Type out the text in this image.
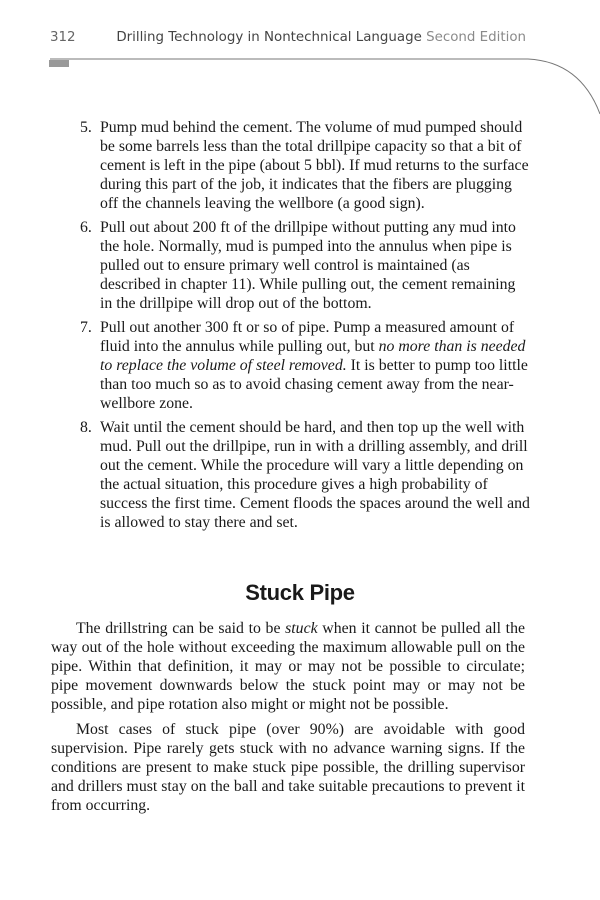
312	Drilling Technology in Nontechnical Language Second Edition
5. Pump mud behind the cement. The volume of mud pumped should be some barrels less than the total drillpipe capacity so that a bit of cement is left in the pipe (about 5 bbl). If mud returns to the surface during this part of the job, it indicates that the fibers are plugging off the channels leaving the wellbore (a good sign).
6. Pull out about 200 ft of the drillpipe without putting any mud into the hole. Normally, mud is pumped into the annulus when pipe is pulled out to ensure primary well control is maintained (as described in chapter 11). While pulling out, the cement remaining in the drillpipe will drop out of the bottom.
7. Pull out another 300 ft or so of pipe. Pump a measured amount of fluid into the annulus while pulling out, but no more than is needed to replace the volume of steel removed. It is better to pump too little than too much so as to avoid chasing cement away from the near-wellbore zone.
8. Wait until the cement should be hard, and then top up the well with mud. Pull out the drillpipe, run in with a drilling assembly, and drill out the cement. While the procedure will vary a little depending on the actual situation, this procedure gives a high probability of success the first time. Cement floods the spaces around the well and is allowed to stay there and set.
Stuck Pipe

The drillstring can be said to be stuck when it cannot be pulled all the way out of the hole without exceeding the maximum allowable pull on the pipe. Within that definition, it may or may not be possible to circulate; pipe movement downwards below the stuck point may or may not be possible, and pipe rotation also might or might not be possible.

Most cases of stuck pipe (over 90%) are avoidable with good supervision. Pipe rarely gets stuck with no advance warning signs. If the conditions are present to make stuck pipe possible, the drilling supervisor and drillers must stay on the ball and take suitable precautions to prevent it from occurring.
